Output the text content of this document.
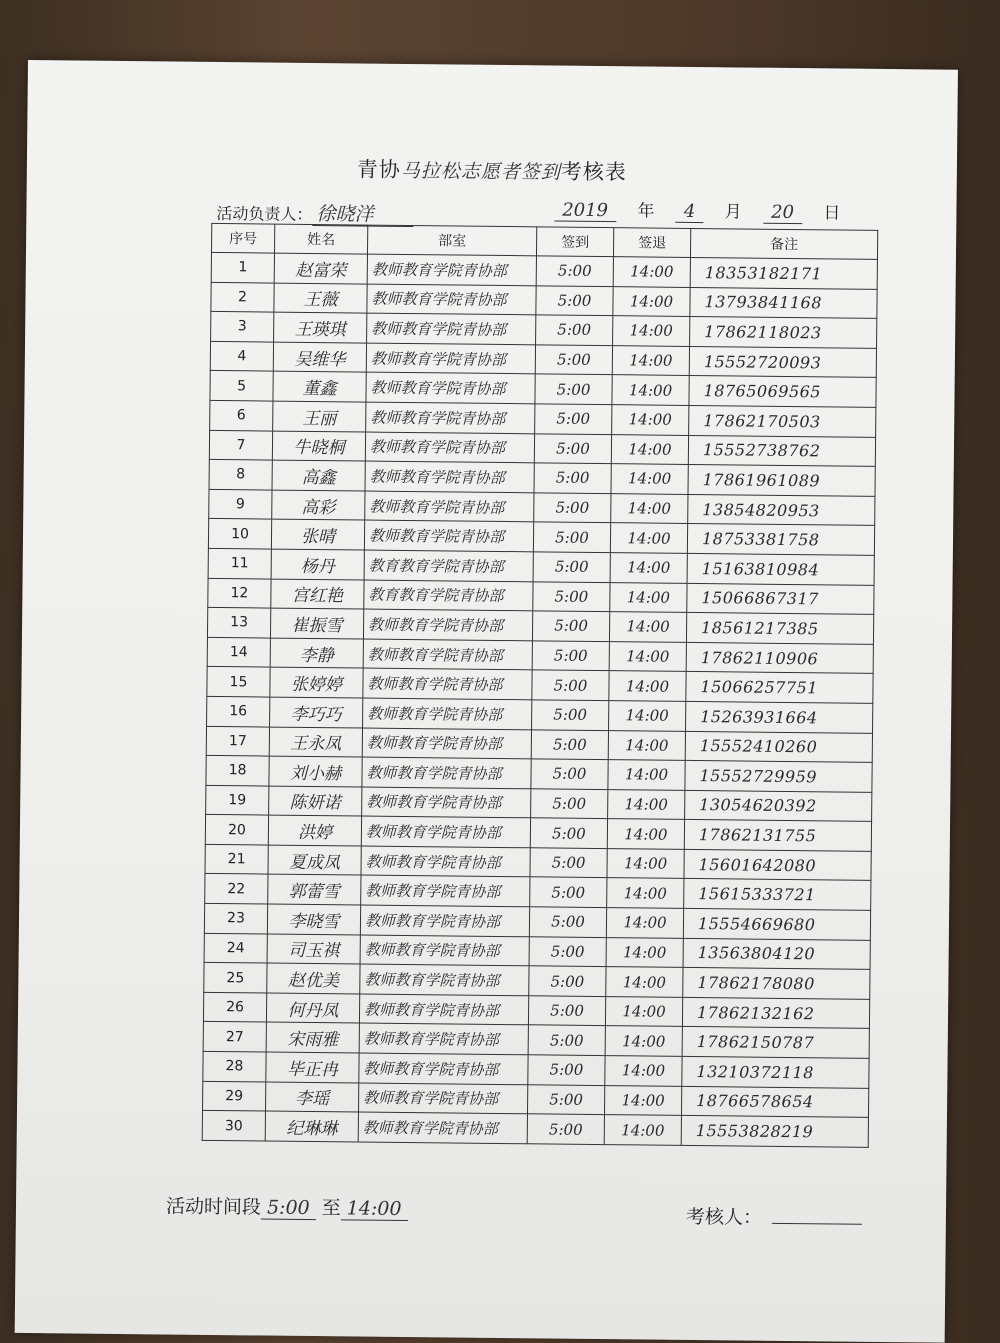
青协马拉松志愿者签到考核表
活动负责人： 徐晓洋	2019 年 4 月 20 日
序号	姓名	部室	签到	签退	备注
1	赵富荣	教师教育学院青协部	5:00	14:00	18353182171
2	王薇	教师教育学院青协部	5:00	14:00	13793841168
3	王瑛琪	教师教育学院青协部	5:00	14:00	17862118023
4	吴维华	教师教育学院青协部	5:00	14:00	15552720093
5	董鑫	教师教育学院青协部	5:00	14:00	18765069565
6	王丽	教师教育学院青协部	5:00	14:00	17862170503
7	牛晓桐	教师教育学院青协部	5:00	14:00	15552738762
8	高鑫	教师教育学院青协部	5:00	14:00	17861961089
9	高彩	教师教育学院青协部	5:00	14:00	13854820953
10	张晴	教师教育学院青协部	5:00	14:00	18753381758
11	杨丹	教育教育学院青协部	5:00	14:00	15163810984
12	宫红艳	教育教育学院青协部	5:00	14:00	15066867317
13	崔振雪	教师教育学院青协部	5:00	14:00	18561217385
14	李静	教师教育学院青协部	5:00	14:00	17862110906
15	张婷婷	教师教育学院青协部	5:00	14:00	15066257751
16	李巧巧	教师教育学院青协部	5:00	14:00	15263931664
17	王永凤	教师教育学院青协部	5:00	14:00	15552410260
18	刘小赫	教师教育学院青协部	5:00	14:00	15552729959
19	陈妍诺	教师教育学院青协部	5:00	14:00	13054620392
20	洪婷	教师教育学院青协部	5:00	14:00	17862131755
21	夏成凤	教师教育学院青协部	5:00	14:00	15601642080
22	郭蕾雪	教师教育学院青协部	5:00	14:00	15615333721
23	李晓雪	教师教育学院青协部	5:00	14:00	15554669680
24	司玉祺	教师教育学院青协部	5:00	14:00	13563804120
25	赵优美	教师教育学院青协部	5:00	14:00	17862178080
26	何丹凤	教师教育学院青协部	5:00	14:00	17862132162
27	宋雨雅	教师教育学院青协部	5:00	14:00	17862150787
28	毕正冉	教师教育学院青协部	5:00	14:00	13210372118
29	李瑶	教师教育学院青协部	5:00	14:00	18766578654
30	纪琳琳	教师教育学院青协部	5:00	14:00	15553828219
活动时间段 5:00 至 14:00	考核人：
